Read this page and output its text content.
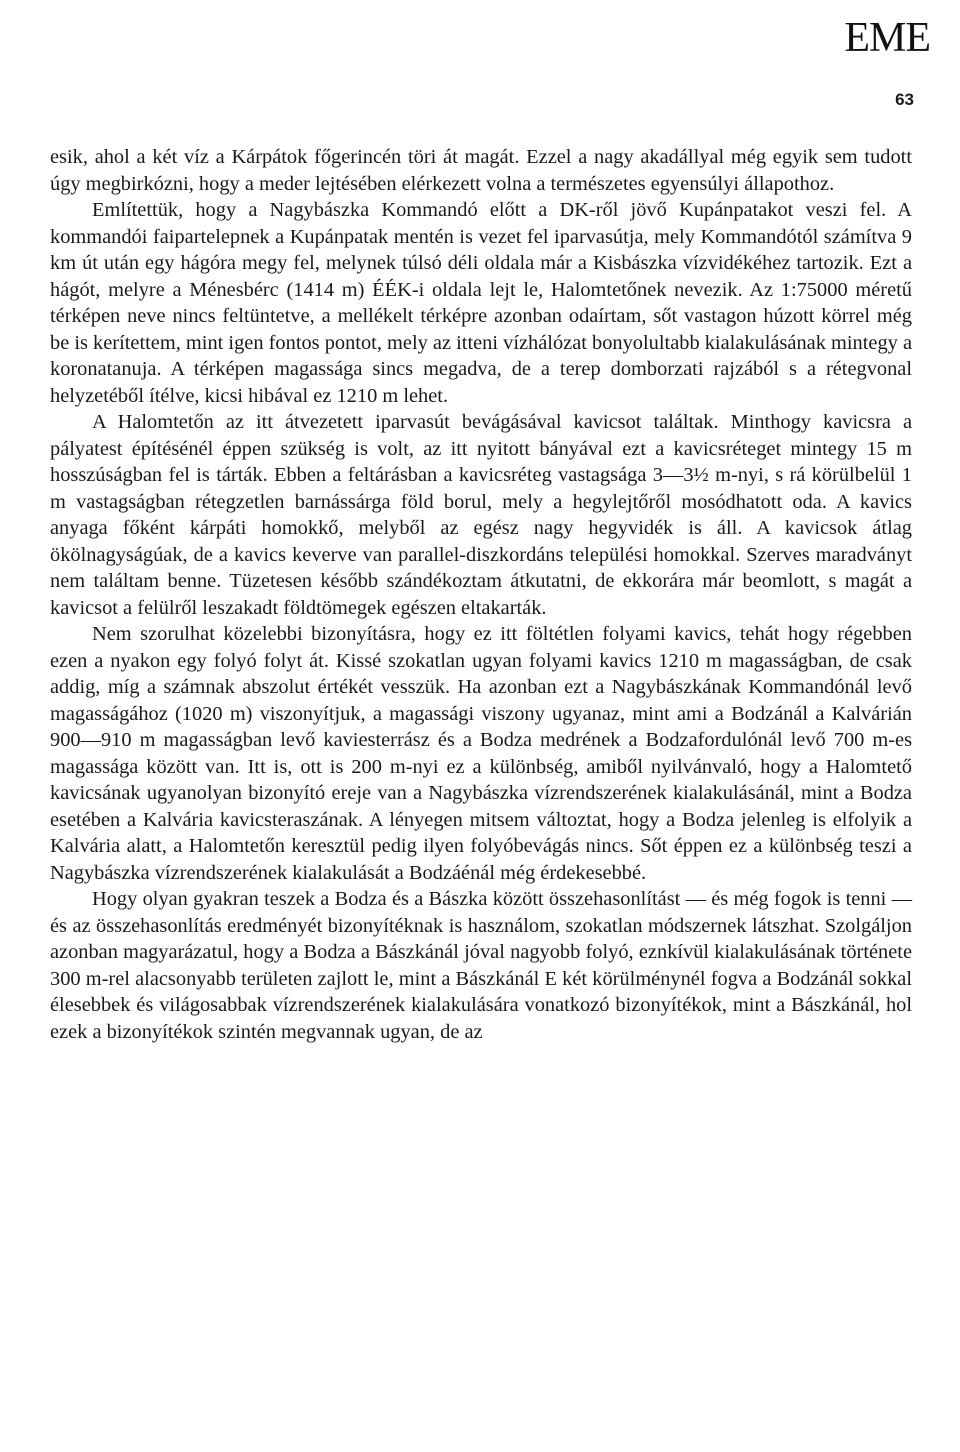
EME
63

esik, ahol a két víz a Kárpátok főgerincén töri át magát. Ezzel a nagy akadállyal még egyik sem tudott úgy megbirkózni, hogy a meder lejtésében elérkezett volna a természetes egyensúlyi állapothoz.

Említettük, hogy a Nagybászka Kommandó előtt a DK-ről jövő Kupánpatakot veszi fel. A kommandói faipartelepnek a Kupánpatak mentén is vezet fel iparvasútja, mely Kommandótól számítva 9 km út után egy hágóra megy fel, melynek túlsó déli oldala már a Kisbászka vízvidékéhez tartozik. Ezt a hágót, melyre a Ménesbérc (1414 m) ÉÉK-i oldala lejt le, Halomtetőnek nevezik. Az 1:75000 méretű térképen neve nincs feltüntetve, a mellékelt térképre azonban odaírtam, sőt vastagon húzott körrel még be is kerítettem, mint igen fontos pontot, mely az itteni vízhálózat bonyolultabb kialakulásának mintegy a koronatanuja. A térképen magassága sincs megadva, de a terep domborzati rajzából s a rétegvonal helyzetéből ítélve, kicsi hibával ez 1210 m lehet.

A Halomtetőn az itt átvezetett iparvasút bevágásával kavicsot találtak. Minthogy kavicsra a pályatest építésénél éppen szükség is volt, az itt nyitott bányával ezt a kavicsréteget mintegy 15 m hosszúságban fel is tárták. Ebben a feltárásban a kavicsréteg vastagsága 3—3½ m-nyi, s rá körülbelül 1 m vastagságban rétegzetlen barnássárga föld borul, mely a hegylejtőről mosódhatott oda. A kavics anyaga főként kárpáti homokkő, melyből az egész nagy hegyvidék is áll. A kavicsok átlag ökölnagyságúak, de a kavics keverve van parallel-diszkordáns települési homokkal. Szerves maradványt nem találtam benne. Tüzetesen később szándékoztam átkutatni, de ekkorára már beomlott, s magát a kavicsot a felülről leszakadt földtömegek egészen eltakarták.

Nem szorulhat közelebbi bizonyításra, hogy ez itt föltétlen folyami kavics, tehát hogy régebben ezen a nyakon egy folyó folyt át. Kissé szokatlan ugyan folyami kavics 1210 m magasságban, de csak addig, míg a számnak abszolut értékét vesszük. Ha azonban ezt a Nagybászkának Kommandónál levő magasságához (1020 m) viszonyítjuk, a magassági viszony ugyanaz, mint ami a Bodzánál a Kalvárián 900—910 m magasságban levő kaviesterrász és a Bodza medrének a Bodzafordulónál levő 700 m-es magassága között van. Itt is, ott is 200 m-nyi ez a különbség, amiből nyilvánvaló, hogy a Halomtető kavicsának ugyanolyan bizonyító ereje van a Nagybászka vízrendszerének kialakulásánál, mint a Bodza esetében a Kalvária kavicsteraszának. A lényegen mitsem változtat, hogy a Bodza jelenleg is elfolyik a Kalvária alatt, a Halomtetőn keresztül pedig ilyen folyóbevágás nincs. Sőt éppen ez a különbség teszi a Nagybászka vízrendszerének kialakulását a Bodzáénál még érdekesebbé.

Hogy olyan gyakran teszek a Bodza és a Bászka között összehasonlítást — és még fogok is tenni — és az összehasonlítás eredményét bizonyítéknak is használom, szokatlan módszernek látszhat. Szolgáljon azonban magyarázatul, hogy a Bodza a Bászkánál jóval nagyobb folyó, eznkívül kialakulásának története 300 m-rel alacsonyabb területen zajlott le, mint a Bászkánál E két körülménynél fogva a Bodzánál sokkal élesebbek és világosabbak vízrendszerének kialakulására vonatkozó bizonyítékok, mint a Bászkánál, hol ezek a bizonyítékok szintén megvannak ugyan, de az
